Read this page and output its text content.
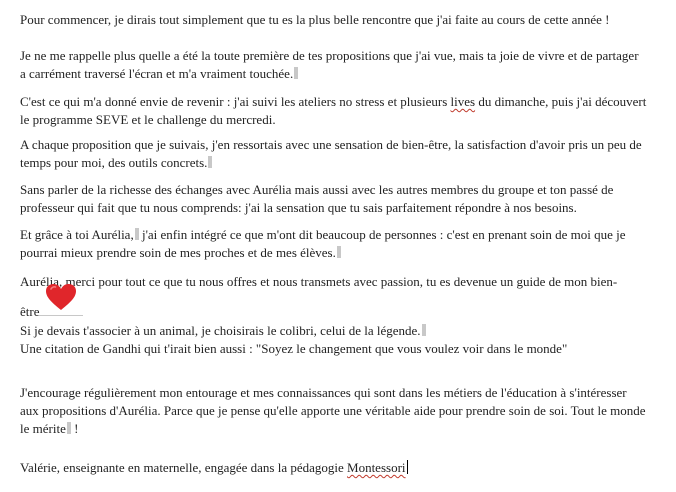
Pour commencer, je dirais tout simplement que tu es la plus belle rencontre que j'ai faite au cours de cette année !

Je ne me rappelle plus quelle a été la toute première de tes propositions que j'ai vue, mais ta joie de vivre et de partager
a carrément traversé l'écran et m'a vraiment touchée.

C'est ce qui m'a donné envie de revenir : j'ai suivi les ateliers no stress et plusieurs lives du dimanche, puis j'ai découvert
le programme SEVE et le challenge du mercredi.

A chaque proposition que je suivais, j'en ressortais avec une sensation de bien-être, la satisfaction d'avoir pris un peu de
temps pour moi, des outils concrets.

Sans parler de la richesse des échanges avec Aurélia mais aussi avec les autres membres du groupe et ton passé de
professeur qui fait que tu nous comprends: j'ai la sensation que tu sais parfaitement répondre à nos besoins.

Et grâce à toi Aurélia, j'ai enfin intégré ce que m'ont dit beaucoup de personnes : c'est en prenant soin de moi que je
pourrai mieux prendre soin de mes proches et de mes élèves.

Aurélia, merci pour tout ce que tu nous offres et nous transmets avec passion, tu es devenue un guide de mon bien-

être

Si je devais t'associer à un animal, je choisirais le colibri, celui de la légende.
Une citation de Gandhi qui t'irait bien aussi : "Soyez le changement que vous voulez voir dans le monde"

J'encourage régulièrement mon entourage et mes connaissances qui sont dans les métiers de l'éducation à s'intéresser
aux propositions d'Aurélia. Parce que je pense qu'elle apporte une véritable aide pour prendre soin de soi. Tout le monde
le mérite !

Valérie, enseignante en maternelle, engagée dans la pédagogie Montessori
